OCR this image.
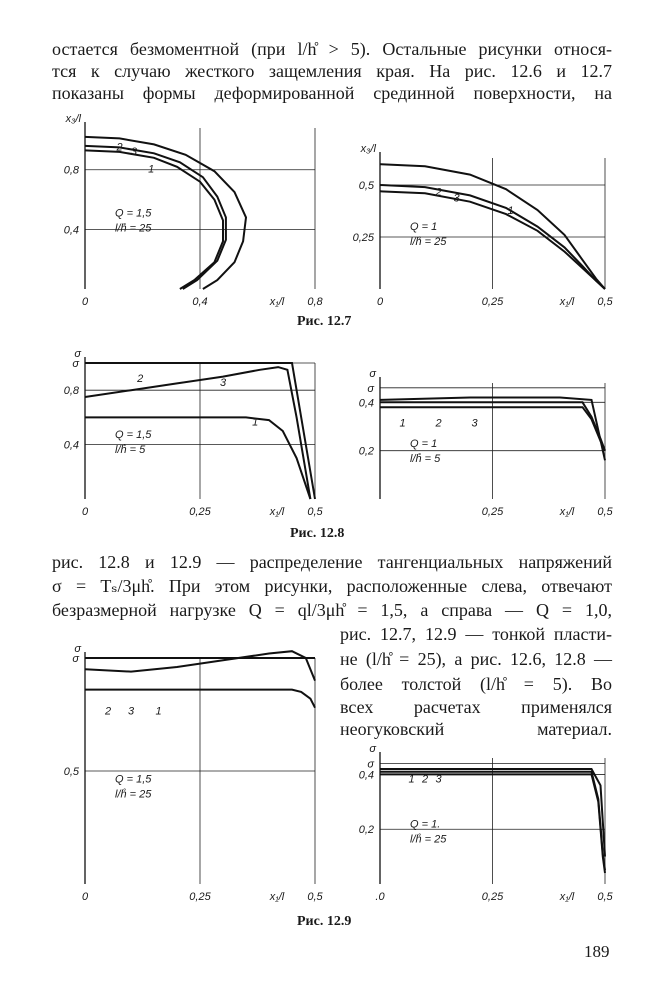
остается безмоментной (при l/h̊ > 5). Остальные рисунки относя-
тся к случаю жесткого защемления края. На рис. 12.6 и 12.7
показаны формы деформированной срединной поверхности, на
0	0,4	0,8
0,4
0,8
x₁/l
x₃/l
1
2 3
Q = 1,5
l/h̊ = 25
0	0,25	0,5
0,25
0,5
x₁/l
x₃/l
1
2
3
Q = 1
l/h̊ = 25
Рис. 12.7
0	0,25	0,5
0,4
0,8
σ
x₁/l
σ
1
2	3
Q = 1,5
l/h̊ = 5
0,25	0,5
0,2
0,4
σ
x₁/l
σ
1	2	3
Q = 1
l/h̊ = 5
Рис. 12.8
рис. 12.8 и 12.9 — распределение тангенциальных напряжений
σ = Tₛ/3μh̊. При этом рисунки, расположенные слева, отвечают
безразмерной нагрузке Q = ql/3μh̊ = 1,5, а справа — Q = 1,0,
рис. 12.7, 12.9 — тонкой пласти-
не (l/h̊ = 25), а рис. 12.6, 12.8 —
более толстой (l/h̊ = 5). Во
всех расчетах применялся
неогуковский материал.
0	0,25	0,5
0,5
σ
x₁/l
σ
2 3 1
Q = 1,5
l/h̊ = 25
.0	0,25	0,5
0,2
0,4
σ
x₁/l
σ
1 2 3
Q = 1.
l/h̊ = 25
Рис. 12.9
189
